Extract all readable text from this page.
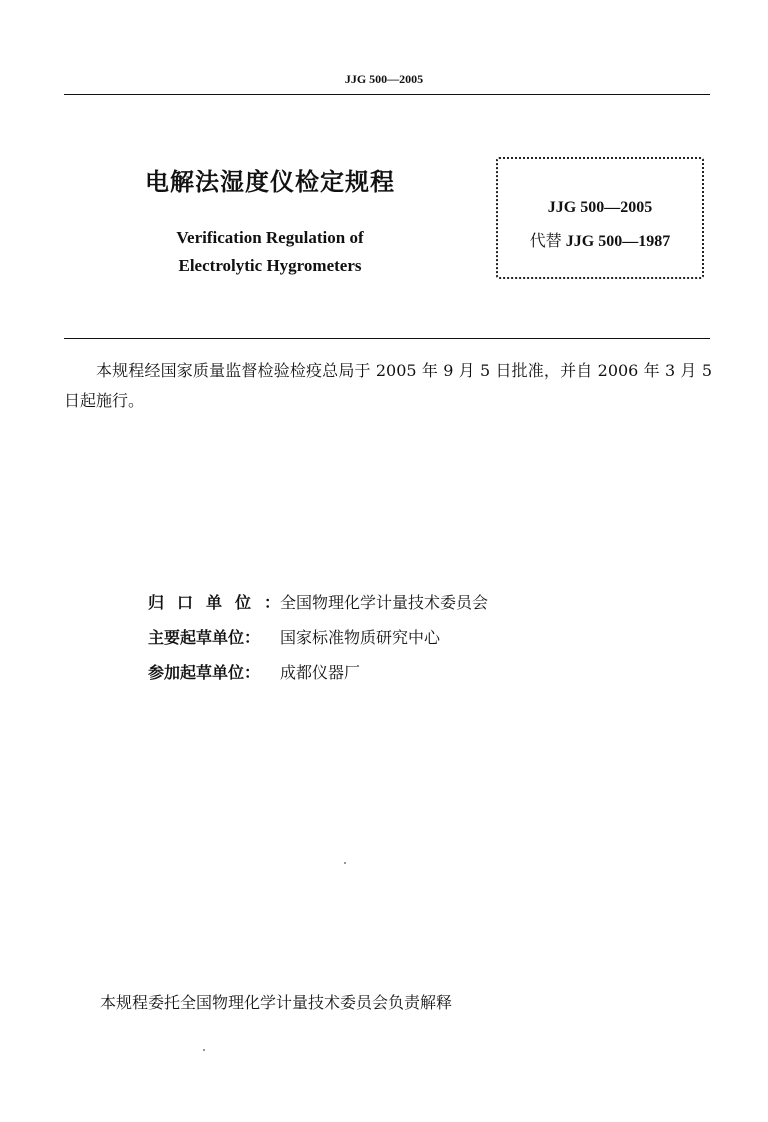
JJG 500—2005
电解法湿度仪检定规程
Verification Regulation of
Electrolytic Hygrometers
JJG 500—2005
代替 JJG 500—1987
本规程经国家质量监督检验检疫总局于 2005 年 9 月 5 日批准，并自 2006 年 3 月 5 日起施行。
归口单位：全国物理化学计量技术委员会
主要起草单位： 国家标准物质研究中心
参加起草单位： 成都仪器厂
本规程委托全国物理化学计量技术委员会负责解释
